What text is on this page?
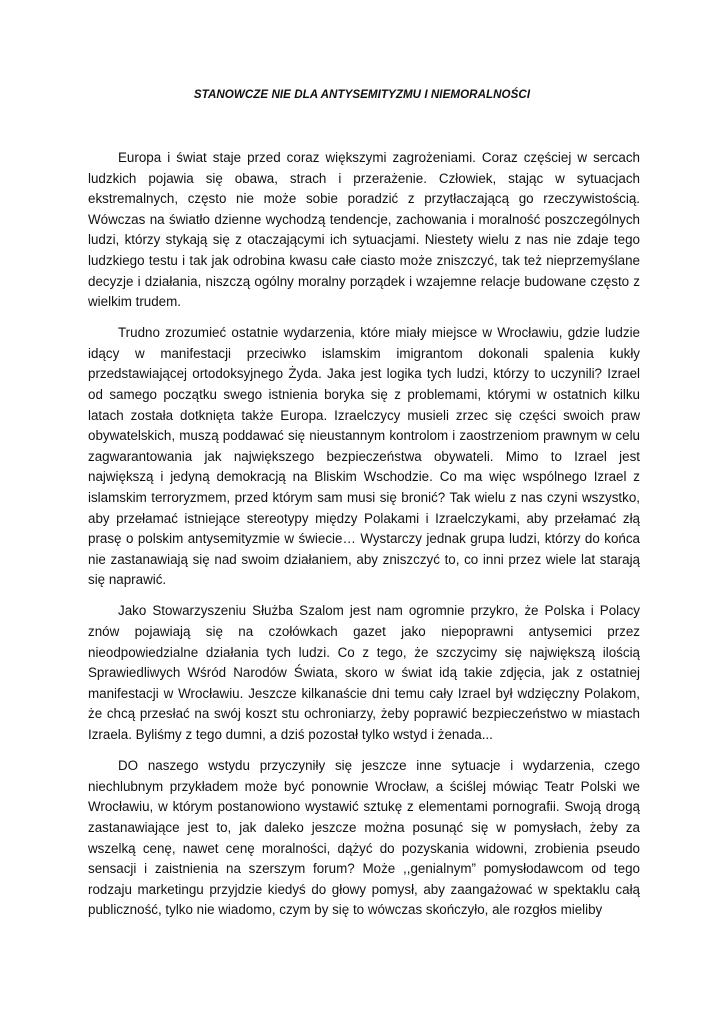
STANOWCZE NIE DLA ANTYSEMITYZMU I NIEMORALNOŚCI

Europa i świat staje przed coraz większymi zagrożeniami. Coraz częściej w sercach ludzkich pojawia się obawa, strach i przerażenie. Człowiek, stając w sytuacjach ekstremalnych, często nie może sobie poradzić z przytłaczającą go rzeczywistością. Wówczas na światło dzienne wychodzą tendencje, zachowania i moralność poszczególnych ludzi, którzy stykają się z otaczającymi ich sytuacjami. Niestety wielu z nas nie zdaje tego ludzkiego testu i tak jak odrobina kwasu całe ciasto może zniszczyć, tak też nieprzemyślane decyzje i działania, niszczą ogólny moralny porządek i wzajemne relacje budowane często z wielkim trudem.

Trudno zrozumieć ostatnie wydarzenia, które miały miejsce w Wrocławiu, gdzie ludzie idący w manifestacji przeciwko islamskim imigrantom dokonali spalenia kukły przedstawiającej ortodoksyjnego Żyda. Jaka jest logika tych ludzi, którzy to uczynili? Izrael od samego początku swego istnienia boryka się z problemami, którymi w ostatnich kilku latach została dotknięta także Europa. Izraelczycy musieli zrzec się części swoich praw obywatelskich, muszą poddawać się nieustannym kontrolom i zaostrzeniom prawnym w celu zagwarantowania jak największego bezpieczeństwa obywateli. Mimo to Izrael jest największą i jedyną demokracją na Bliskim Wschodzie. Co ma więc wspólnego Izrael z islamskim terroryzmem, przed którym sam musi się bronić? Tak wielu z nas czyni wszystko, aby przełamać istniejące stereotypy między Polakami i Izraelczykami, aby przełamać złą prasę o polskim antysemityzmie w świecie… Wystarczy jednak grupa ludzi, którzy do końca nie zastanawiają się nad swoim działaniem, aby zniszczyć to, co inni przez wiele lat starają się naprawić.

Jako Stowarzyszeniu Służba Szalom jest nam ogromnie przykro, że Polska i Polacy znów pojawiają się na czołówkach gazet jako niepoprawni antysemici przez nieodpowiedzialne działania tych ludzi. Co z tego, że szczycimy się największą ilością Sprawiedliwych Wśród Narodów Świata, skoro w świat idą takie zdjęcia, jak z ostatniej manifestacji w Wrocławiu. Jeszcze kilkanaście dni temu cały Izrael był wdzięczny Polakom, że chcą przesłać na swój koszt stu ochroniarzy, żeby poprawić bezpieczeństwo w miastach Izraela. Byliśmy z tego dumni, a dziś pozostał tylko wstyd i żenada...

DO naszego wstydu przyczyniły się jeszcze inne sytuacje i wydarzenia, czego niechlubnym przykładem może być ponownie Wrocław, a ściślej mówiąc Teatr Polski we Wrocławiu, w którym postanowiono wystawić sztukę z elementami pornografii. Swoją drogą zastanawiające jest to, jak daleko jeszcze można posunąć się w pomysłach, żeby za wszelką cenę, nawet cenę moralności, dążyć do pozyskania widowni, zrobienia pseudo sensacji i zaistnienia na szerszym forum? Może ,,genialnym” pomysłodawcom od tego rodzaju marketingu przyjdzie kiedyś do głowy pomysł, aby zaangażować w spektaklu całą publiczność, tylko nie wiadomo, czym by się to wówczas skończyło, ale rozgłos mieliby
